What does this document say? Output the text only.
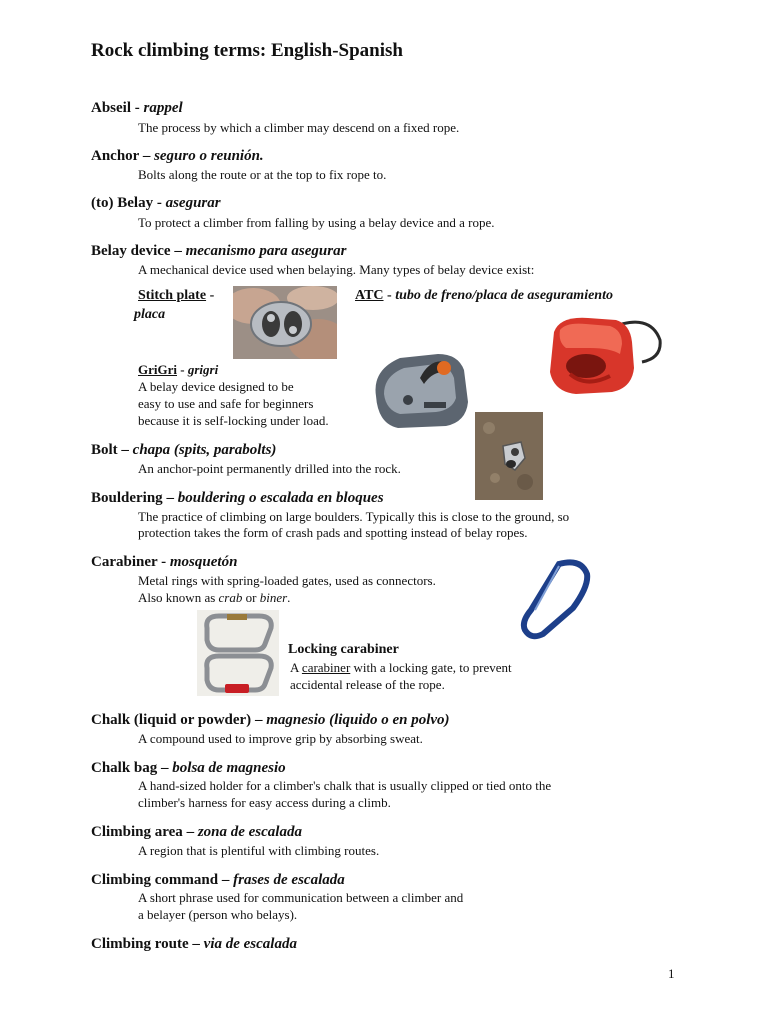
Rock climbing terms: English-Spanish
Abseil - rappel
The process by which a climber may descend on a fixed rope.
Anchor – seguro o reunión.
Bolts along the route or at the top to fix rope to.
(to) Belay - asegurar
To protect a climber from falling by using a belay device and a rope.
Belay device – mecanismo para asegurar
A mechanical device used when belaying. Many types of belay device exist:
Stitch plate -
placa
ATC - tubo de freno/placa de aseguramiento
GriGri - grigri
A belay device designed to be
easy to use and safe for beginners
because it is self-locking under load.
Bolt – chapa (spits, parabolts)
An anchor-point permanently drilled into the rock.
Bouldering – bouldering o escalada en bloques
The practice of climbing on large boulders. Typically this is close to the ground, so
protection takes the form of crash pads and spotting instead of belay ropes.
Carabiner - mosquetón
Metal rings with spring-loaded gates, used as connectors.
Also known as crab or biner.
Locking carabiner
A carabiner with a locking gate, to prevent
accidental release of the rope.
Chalk (liquid or powder) – magnesio (liquido o en polvo)
A compound used to improve grip by absorbing sweat.
Chalk bag – bolsa de magnesio
A hand-sized holder for a climber's chalk that is usually clipped or tied onto the
climber's harness for easy access during a climb.
Climbing area – zona de escalada
A region that is plentiful with climbing routes.
Climbing command – frases de escalada
A short phrase used for communication between a climber and
a belayer (person who belays).
Climbing route – via de escalada
1
